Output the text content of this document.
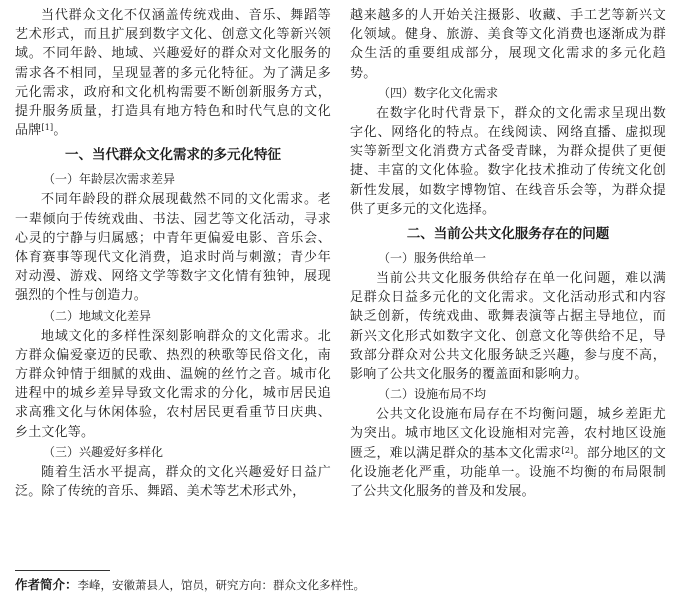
当代群众文化不仅涵盖传统戏曲、音乐、舞蹈等艺术形式，而且扩展到数字文化、创意文化等新兴领域。不同年龄、地域、兴趣爱好的群众对文化服务的需求各不相同，呈现显著的多元化特征。为了满足多元化需求，政府和文化机构需要不断创新服务方式，提升服务质量，打造具有地方特色和时代气息的文化品牌[1]。

一、当代群众文化需求的多元化特征
（一）年龄层次需求差异

不同年龄段的群众展现截然不同的文化需求。老一辈倾向于传统戏曲、书法、园艺等文化活动，寻求心灵的宁静与归属感；中青年更偏爱电影、音乐会、体育赛事等现代文化消费，追求时尚与刺激；青少年对动漫、游戏、网络文学等数字文化情有独钟，展现强烈的个性与创造力。

（二）地域文化差异

地域文化的多样性深刻影响群众的文化需求。北方群众偏爱豪迈的民歌、热烈的秧歌等民俗文化，南方群众钟情于细腻的戏曲、温婉的丝竹之音。城市化进程中的城乡差异导致文化需求的分化，城市居民追求高雅文化与休闲体验，农村居民更看重节日庆典、乡土文化等。

（三）兴趣爱好多样化

随着生活水平提高，群众的文化兴趣爱好日益广泛。除了传统的音乐、舞蹈、美术等艺术形式外，

越来越多的人开始关注摄影、收藏、手工艺等新兴文化领域。健身、旅游、美食等文化消费也逐渐成为群众生活的重要组成部分，展现文化需求的多元化趋势。

（四）数字化文化需求

在数字化时代背景下，群众的文化需求呈现出数字化、网络化的特点。在线阅读、网络直播、虚拟现实等新型文化消费方式备受青睐，为群众提供了更便捷、丰富的文化体验。数字化技术推动了传统文化创新性发展，如数字博物馆、在线音乐会等，为群众提供了更多元的文化选择。

二、当前公共文化服务存在的问题
（一）服务供给单一

当前公共文化服务供给存在单一化问题，难以满足群众日益多元化的文化需求。文化活动形式和内容缺乏创新，传统戏曲、歌舞表演等占据主导地位，而新兴文化形式如数字文化、创意文化等供给不足，导致部分群众对公共文化服务缺乏兴趣，参与度不高，影响了公共文化服务的覆盖面和影响力。

（二）设施布局不均

公共文化设施布局存在不均衡问题，城乡差距尤为突出。城市地区文化设施相对完善，农村地区设施匮乏，难以满足群众的基本文化需求[2]。部分地区的文化设施老化严重，功能单一。设施不均衡的布局限制了公共文化服务的普及和发展。

作者简介：李峰，安徽萧县人，馆员，研究方向：群众文化多样性。
